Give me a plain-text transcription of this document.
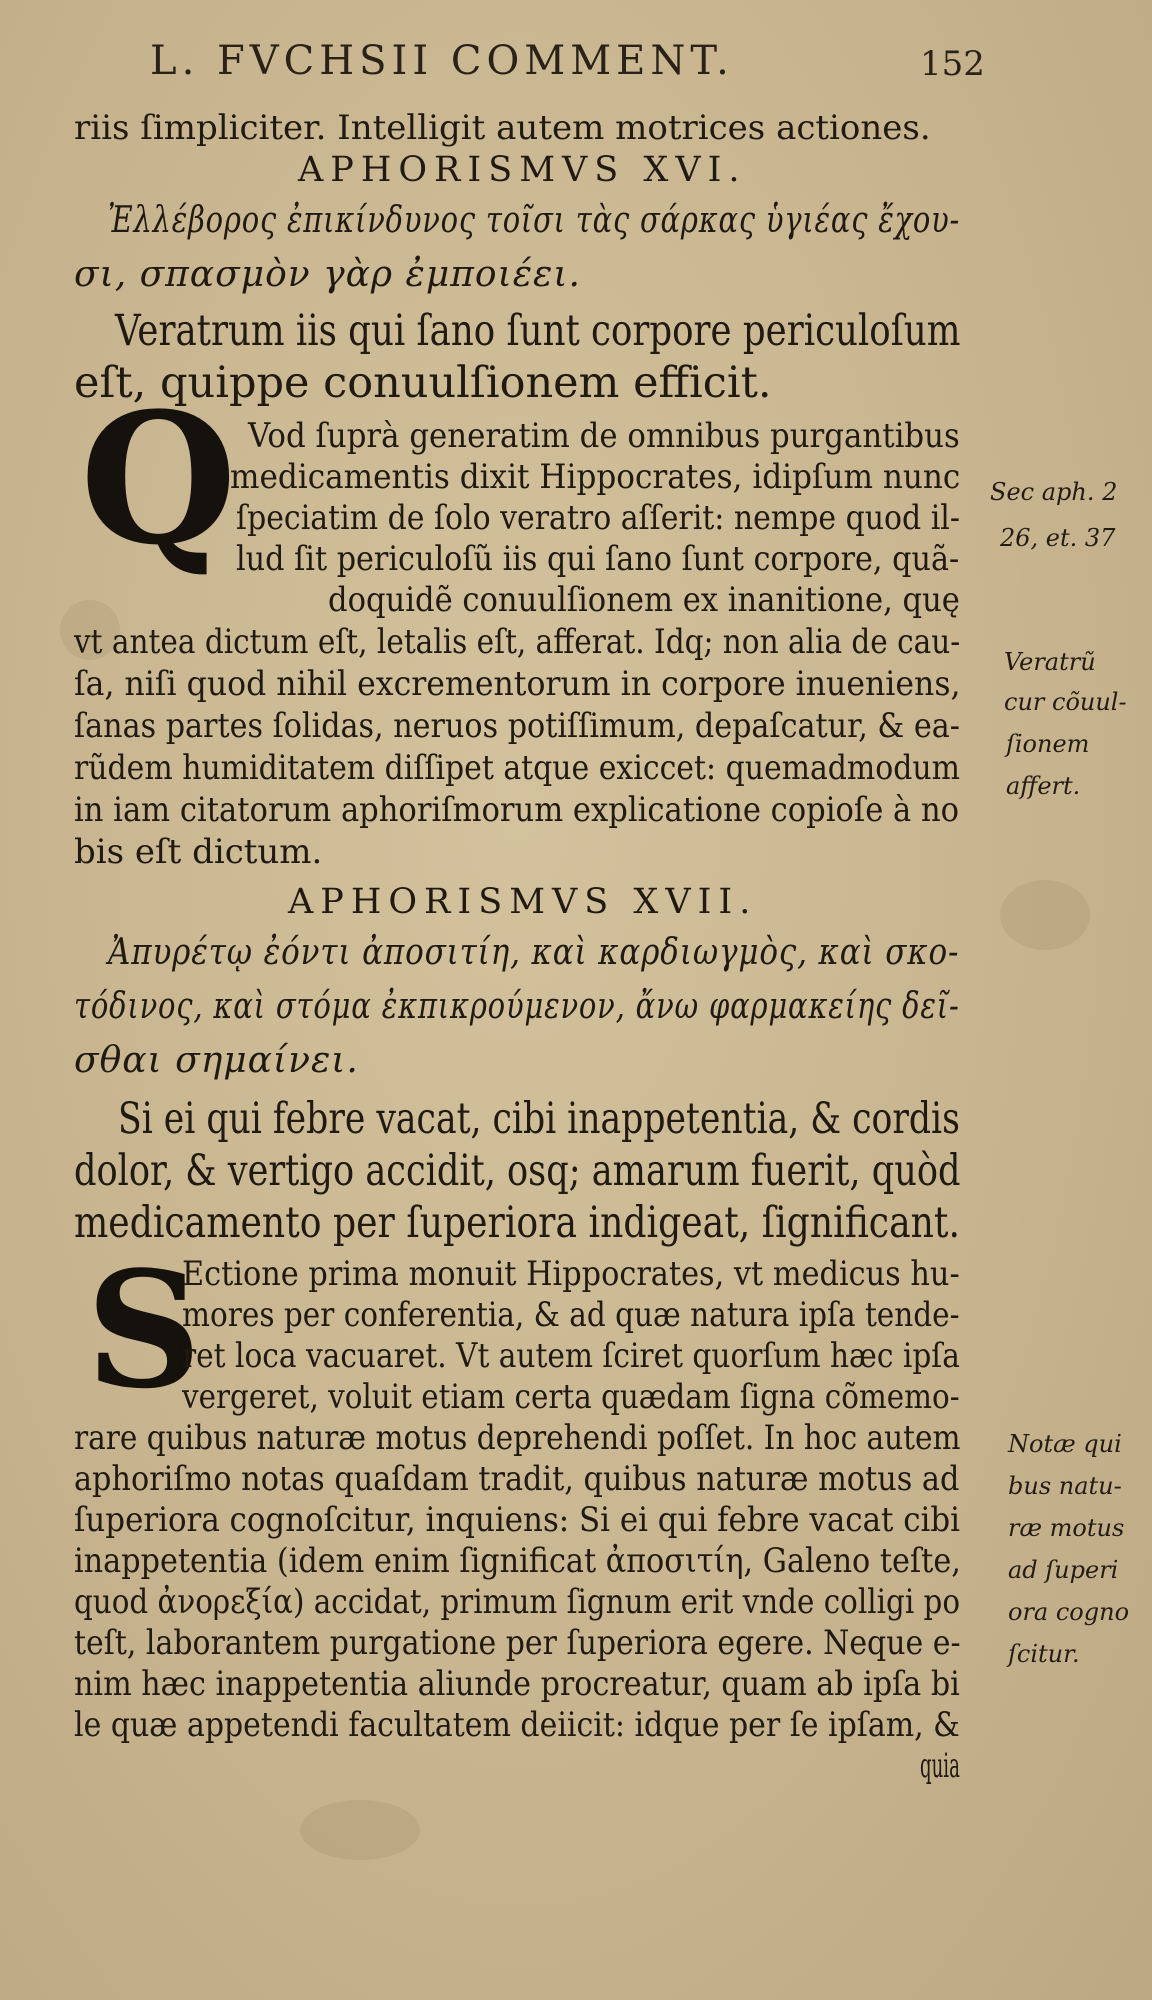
L. FVCHSII COMMENT.	152
riis ſimpliciter. Intelligit autem motrices actiones.
APHORISMVS XVI.
Ἐλλέβορος ἐπικίνδυνος τοῖσι τὰς σάρκας ὑγιέας ἔχου-
σι, σπασμὸν γὰρ ἐμποιέει.
Veratrum iis qui ſano ſunt corpore periculoſum
eſt, quippe conuulſionem efficit.
Q Vod ſuprà generatim de omnibus purgantibus
medicamentis dixit Hippocrates, idipſum nunc
ſpeciatim de ſolo veratro aſſerit: nempe quod il-
lud ſit periculoſũ iis qui ſano ſunt corpore, quã-
doquidẽ conuulſionem ex inanitione, quę
vt antea dictum eſt, letalis eſt, afferat. Idq; non alia de cau-
ſa, niſi quod nihil excrementorum in corpore inueniens,
ſanas partes ſolidas, neruos potiſſimum, depaſcatur, & ea-
rũdem humiditatem diſſipet atque exiccet: quemadmodum
in iam citatorum aphoriſmorum explicatione copioſe à no
bis eſt dictum.
APHORISMVS XVII.
Ἀπυρέτῳ ἐόντι ἀποσιτίη, καὶ καρδιωγμὸς, καὶ σκο-
τόδινος, καὶ στόμα ἐκπικρούμενον, ἄνω φαρμακείης δεῖ-
σθαι σημαίνει.
Si ei qui febre vacat, cibi inappetentia, & cordis
dolor, & vertigo accidit, osq; amarum fuerit, quòd
medicamento per ſuperiora indigeat, ſignificant.
S
Ectione prima monuit Hippocrates, vt medicus hu-
mores per conferentia, & ad quæ natura ipſa tende-
ret loca vacuaret. Vt autem ſciret quorſum hæc ipſa
vergeret, voluit etiam certa quædam ſigna cõmemo-
rare quibus naturæ motus deprehendi poſſet. In hoc autem
aphoriſmo notas quaſdam tradit, quibus naturæ motus ad
ſuperiora cognoſcitur, inquiens: Si ei qui febre vacat cibi
inappetentia (idem enim ſignificat ἀποσιτίη, Galeno teſte,
quod ἀνορεξία) accidat, primum ſignum erit vnde colligi po
teſt, laborantem purgatione per ſuperiora egere. Neque e-
nim hæc inappetentia aliunde procreatur, quam ab ipſa bi
le quæ appetendi facultatem deiicit: idque per ſe ipſam, &
quia
Sec aph. 2
26, et. 37
Veratrũ
cur cõuul-
ſionem
affert.
Notæ qui
bus natu-
ræ motus
ad ſuperi
ora cogno
ſcitur.
